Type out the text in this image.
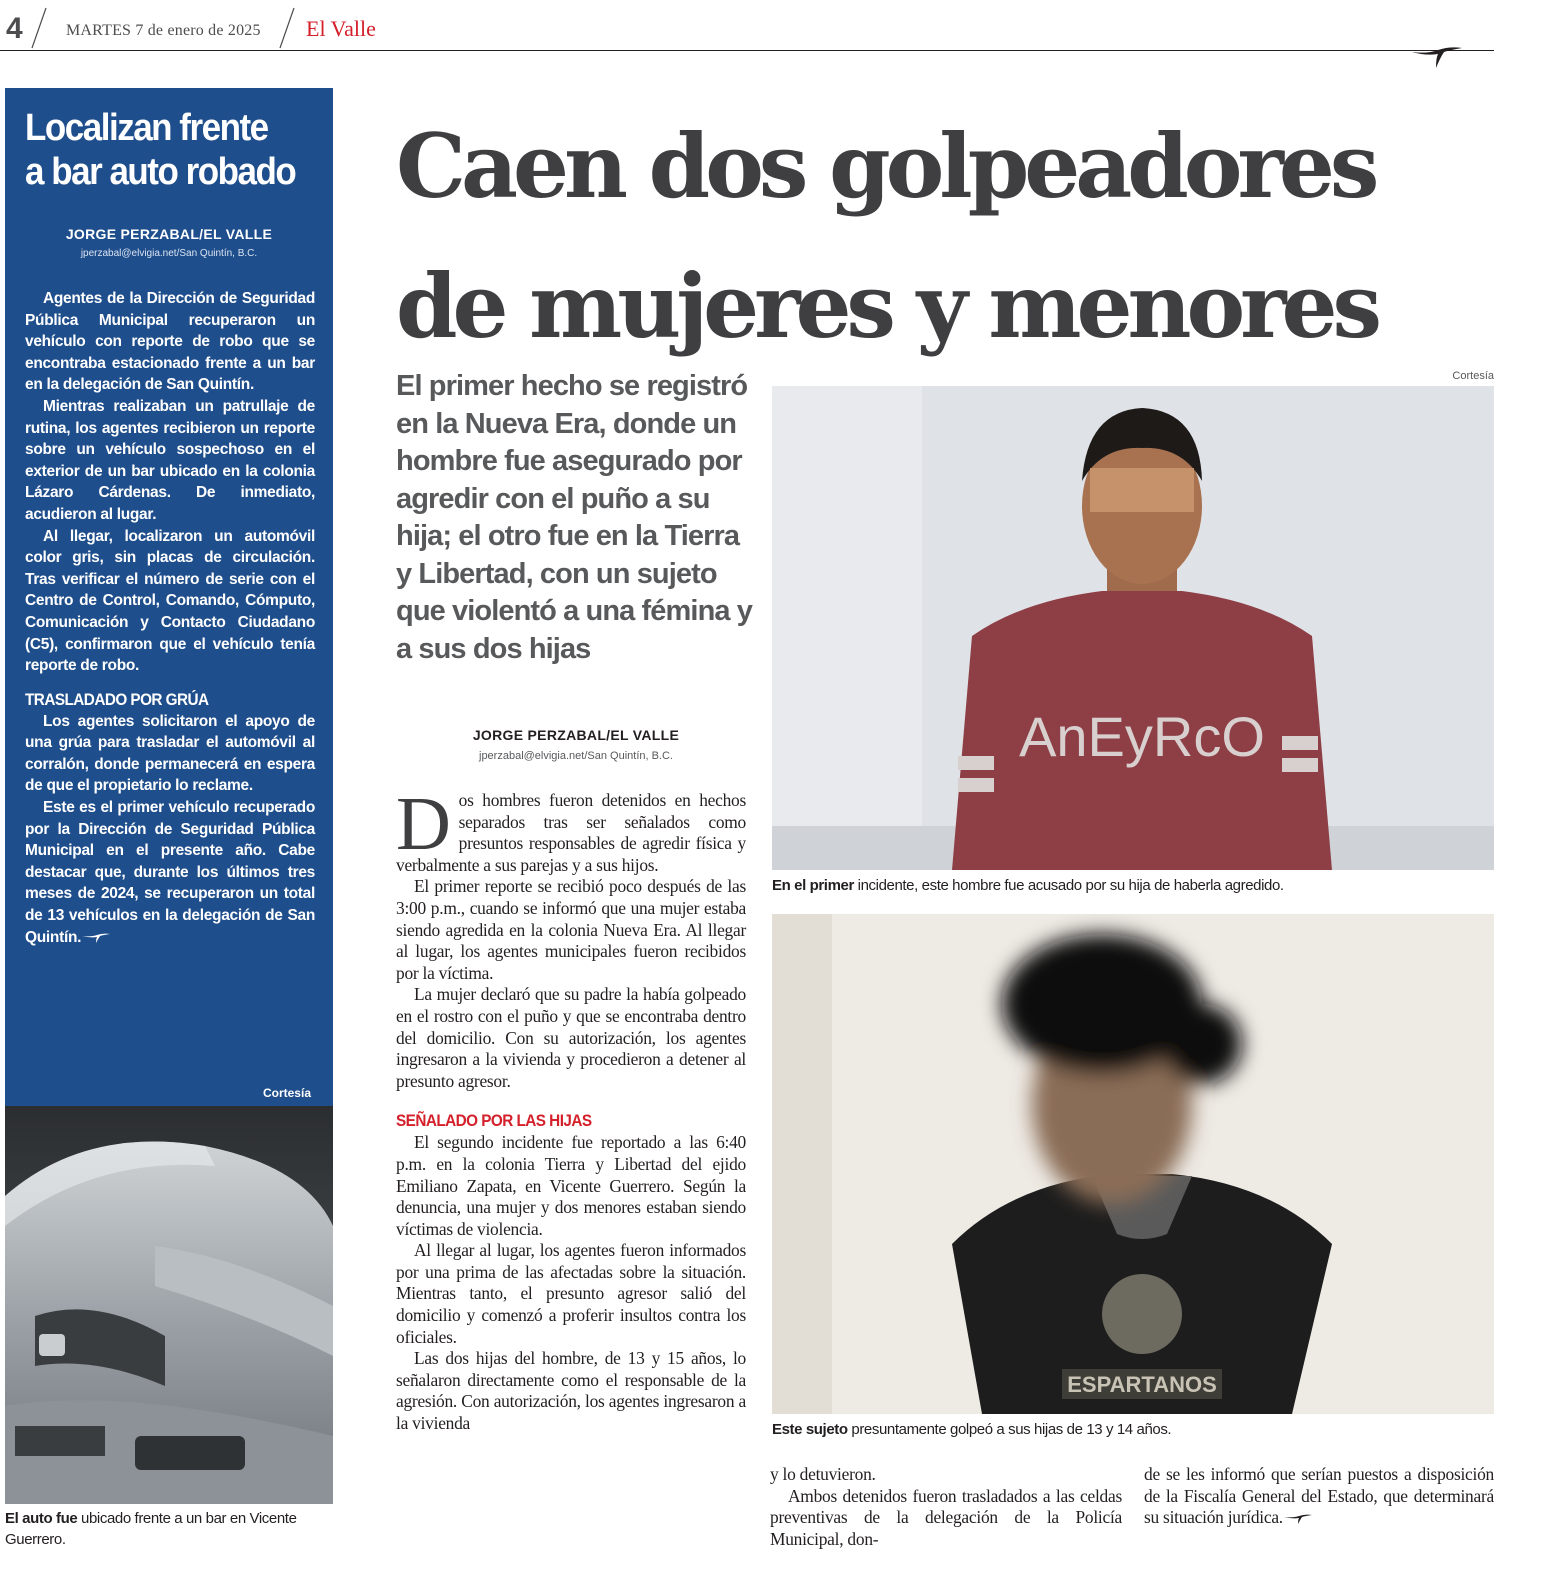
4	MARTES 7 de enero de 2025 El Valle
Localizan frente
a bar auto robado
JORGE PERZABAL/EL VALLE
jperzabal@elvigia.net/San Quintín, B.C.

Agentes de la Dirección de Seguridad Pública Municipal recuperaron un vehículo con reporte de robo que se encontraba estacionado frente a un bar en la delegación de San Quintín.

Mientras realizaban un patrullaje de rutina, los agentes recibieron un reporte sobre un vehículo sospechoso en el exterior de un bar ubicado en la colonia Lázaro Cárdenas. De inmediato, acudieron al lugar.

Al llegar, localizaron un automóvil color gris, sin placas de circulación. Tras verificar el número de serie con el Centro de Control, Comando, Cómputo, Comunicación y Contacto Ciudadano (C5), confirmaron que el vehículo tenía reporte de robo.

TRASLADADO POR GRÚA

Los agentes solicitaron el apoyo de una grúa para trasladar el automóvil al corralón, donde permanecerá en espera de que el propietario lo reclame.

Este es el primer vehículo recuperado por la Dirección de Seguridad Pública Municipal en el presente año. Cabe destacar que, durante los últimos tres meses de 2024, se recuperaron un total de 13 vehículos en la delegación de San Quintín.

Cortesía
El auto fue ubicado frente a un bar en Vicente Guerrero.
Caen dos golpeadores
de mujeres y menores
El primer hecho se registró en la Nueva Era, donde un hombre fue asegurado por agredir con el puño a su hija; el otro fue en la Tierra y Libertad, con un sujeto que violentó a una fémina y a sus dos hijas
JORGE PERZABAL/EL VALLE
jperzabal@elvigia.net/San Quintín, B.C.

Dos hombres fueron detenidos en hechos separados tras ser señalados como presuntos responsables de agredir física y verbalmente a sus parejas y a sus hijos.

El primer reporte se recibió poco después de las 3:00 p.m., cuando se informó que una mujer estaba siendo agredida en la colonia Nueva Era. Al llegar al lugar, los agentes municipales fueron recibidos por la víctima.

La mujer declaró que su padre la había golpeado en el rostro con el puño y que se encontraba dentro del domicilio. Con su autorización, los agentes ingresaron a la vivienda y procedieron a detener al presunto agresor.

SEÑALADO POR LAS HIJAS

El segundo incidente fue reportado a las 6:40 p.m. en la colonia Tierra y Libertad del ejido Emiliano Zapata, en Vicente Guerrero. Según la denuncia, una mujer y dos menores estaban siendo víctimas de violencia.

Al llegar al lugar, los agentes fueron informados por una prima de las afectadas sobre la situación. Mientras tanto, el presunto agresor salió del domicilio y comenzó a proferir insultos contra los oficiales.

Las dos hijas del hombre, de 13 y 15 años, lo señalaron directamente como el responsable de la agresión. Con autorización, los agentes ingresaron a la vivienda

y lo detuvieron.

Ambos detenidos fueron trasladados a las celdas preventivas de la delegación de la Policía Municipal, don-

de se les informó que serían puestos a disposición de la Fiscalía General del Estado, que determinará su situación jurídica.

Cortesía
AnEyRcO
En el primer incidente, este hombre fue acusado por su hija de haberla agredido.
ESPARTANOS
Este sujeto presuntamente golpeó a sus hijas de 13 y 14 años.
